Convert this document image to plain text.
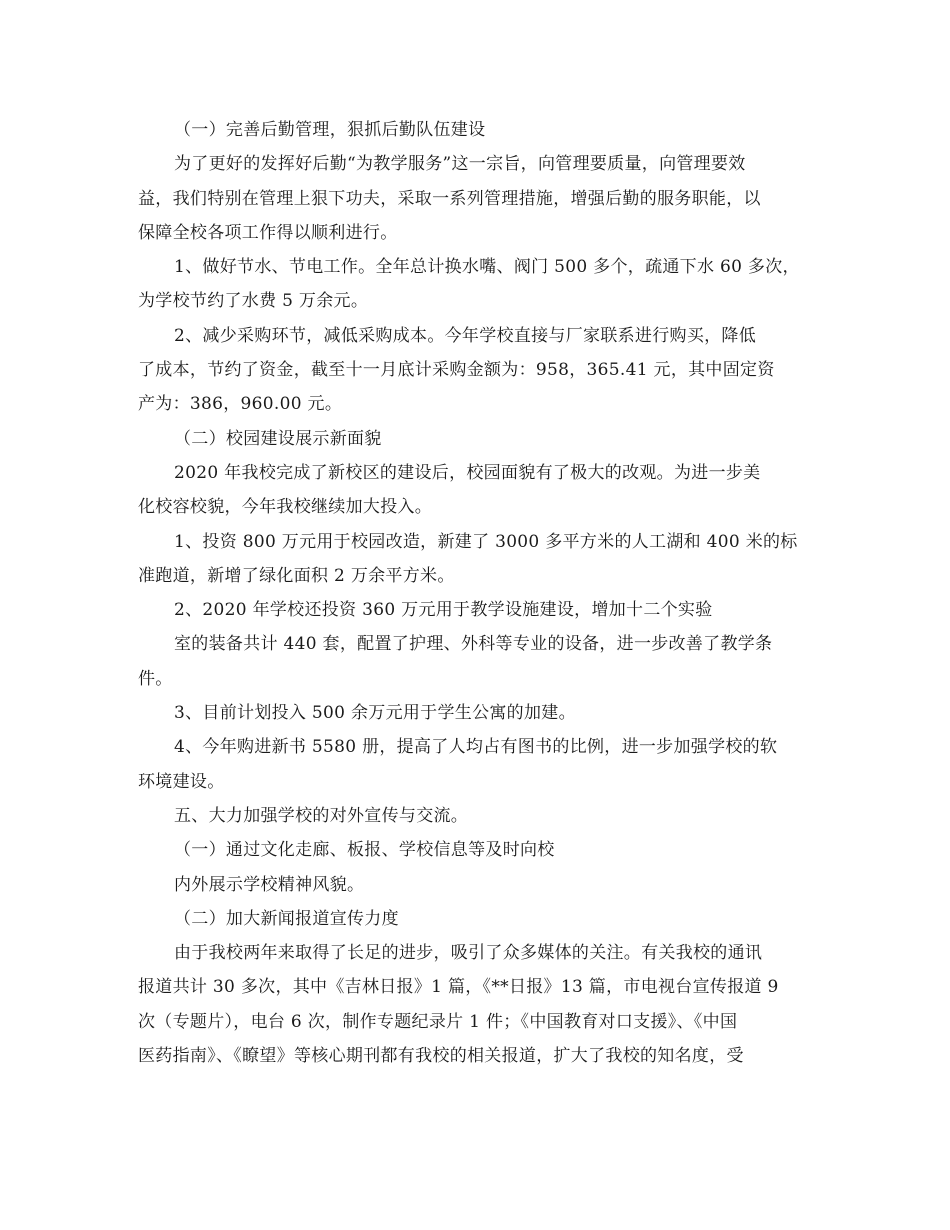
（一）完善后勤管理，狠抓后勤队伍建设
为了更好的发挥好后勤“为教学服务”这一宗旨，向管理要质量，向管理要效
益，我们特别在管理上狠下功夫，采取一系列管理措施，增强后勤的服务职能，以
保障全校各项工作得以顺利进行。
1、做好节水、节电工作。全年总计换水嘴、阀门 500 多个，疏通下水 60 多次，
为学校节约了水费 5 万余元。
2、减少采购环节，减低采购成本。今年学校直接与厂家联系进行购买，降低
了成本，节约了资金，截至十一月底计采购金额为：958，365.41 元，其中固定资
产为：386，960.00 元。
（二）校园建设展示新面貌
2020 年我校完成了新校区的建设后，校园面貌有了极大的改观。为进一步美
化校容校貌，今年我校继续加大投入。
1、投资 800 万元用于校园改造，新建了 3000 多平方米的人工湖和 400 米的标
准跑道，新增了绿化面积 2 万余平方米。
2、2020 年学校还投资 360 万元用于教学设施建设，增加十二个实验
室的装备共计 440 套，配置了护理、外科等专业的设备，进一步改善了教学条
件。
3、目前计划投入 500 余万元用于学生公寓的加建。
4、今年购进新书 5580 册，提高了人均占有图书的比例，进一步加强学校的软
环境建设。
五、大力加强学校的对外宣传与交流。
（一）通过文化走廊、板报、学校信息等及时向校
内外展示学校精神风貌。
（二）加大新闻报道宣传力度
由于我校两年来取得了长足的进步，吸引了众多媒体的关注。有关我校的通讯
报道共计 30 多次，其中《吉林日报》1 篇，《**日报》13 篇，市电视台宣传报道 9
次（专题片），电台 6 次，制作专题纪录片 1 件；《中国教育对口支援》、《中国
医药指南》、《瞭望》等核心期刊都有我校的相关报道，扩大了我校的知名度，受
